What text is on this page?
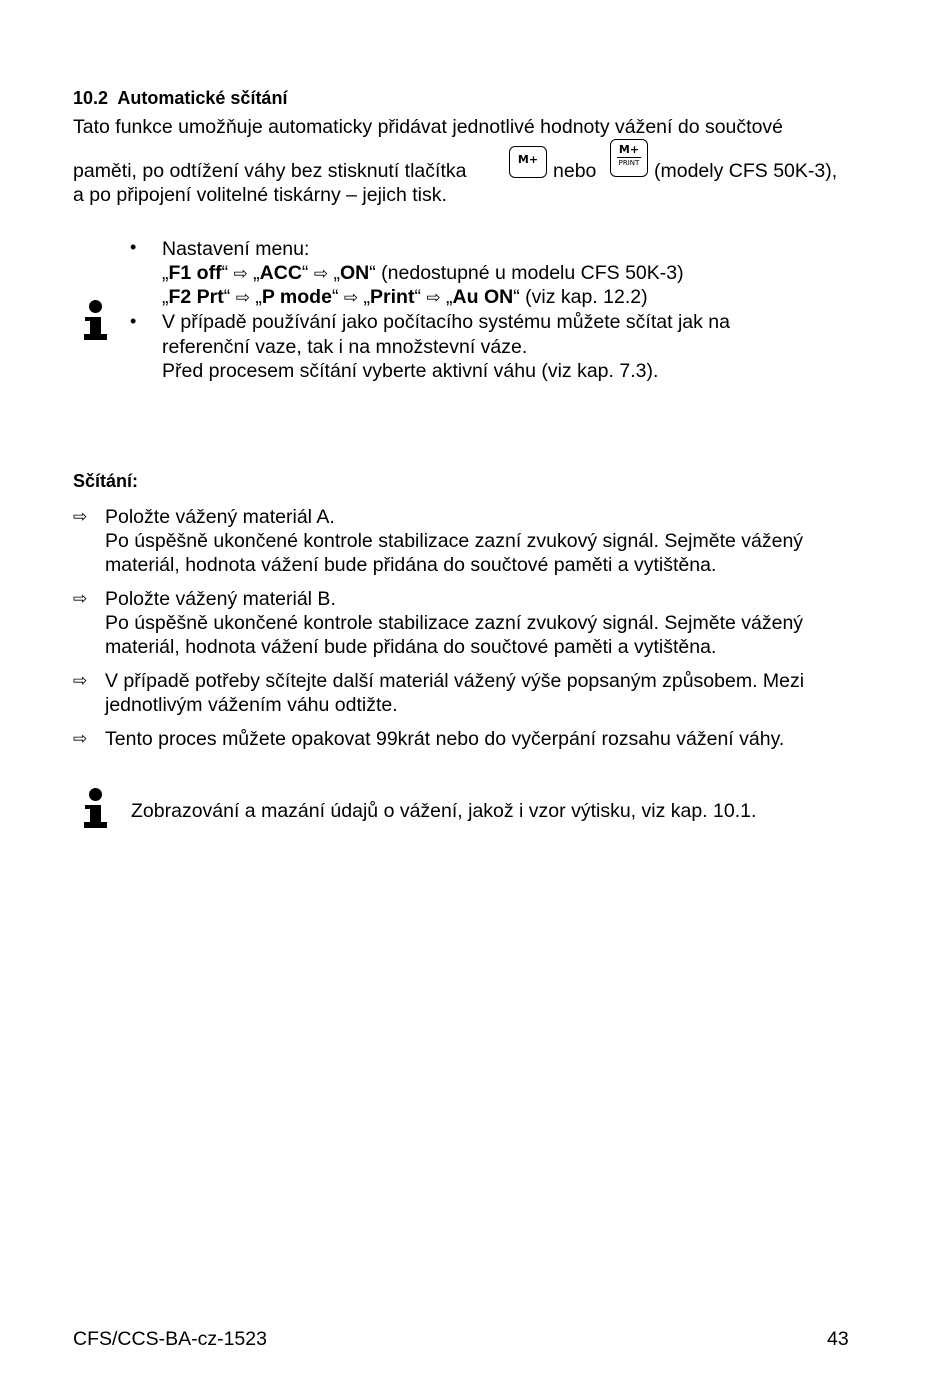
10.2 Automatické sčítání
Tato funkce umožňuje automaticky přidávat jednotlivé hodnoty vážení do součtové
paměti, po odtížení váhy bez stisknutí tlačítka
M+
nebo
M+
PRINT (modely CFS 50K-3),
a po připojení volitelné tiskárny – jejich tisk.
• Nastavení menu:
„F1 off“ ⇨ „ACC“ ⇨ „ON“ (nedostupné u modelu CFS 50K-3)
„F2 Prt“ ⇨ „P mode“ ⇨ „Print“ ⇨ „Au ON“ (viz kap. 12.2)
• V případě používání jako počítacího systému můžete sčítat jak na
referenční vaze, tak i na množstevní váze.
Před procesem sčítání vyberte aktivní váhu (viz kap. 7.3).
Sčítání:
⇨ Položte vážený materiál A.
Po úspěšně ukončené kontrole stabilizace zazní zvukový signál. Sejměte vážený
materiál, hodnota vážení bude přidána do součtové paměti a vytištěna.
⇨ Položte vážený materiál B.
Po úspěšně ukončené kontrole stabilizace zazní zvukový signál. Sejměte vážený
materiál, hodnota vážení bude přidána do součtové paměti a vytištěna.
⇨ V případě potřeby sčítejte další materiál vážený výše popsaným způsobem. Mezi
jednotlivým vážením váhu odtižte.
⇨ Tento proces můžete opakovat 99krát nebo do vyčerpání rozsahu vážení váhy.
Zobrazování a mazání údajů o vážení, jakož i vzor výtisku, viz kap. 10.1.
CFS/CCS-BA-cz-1523	43
